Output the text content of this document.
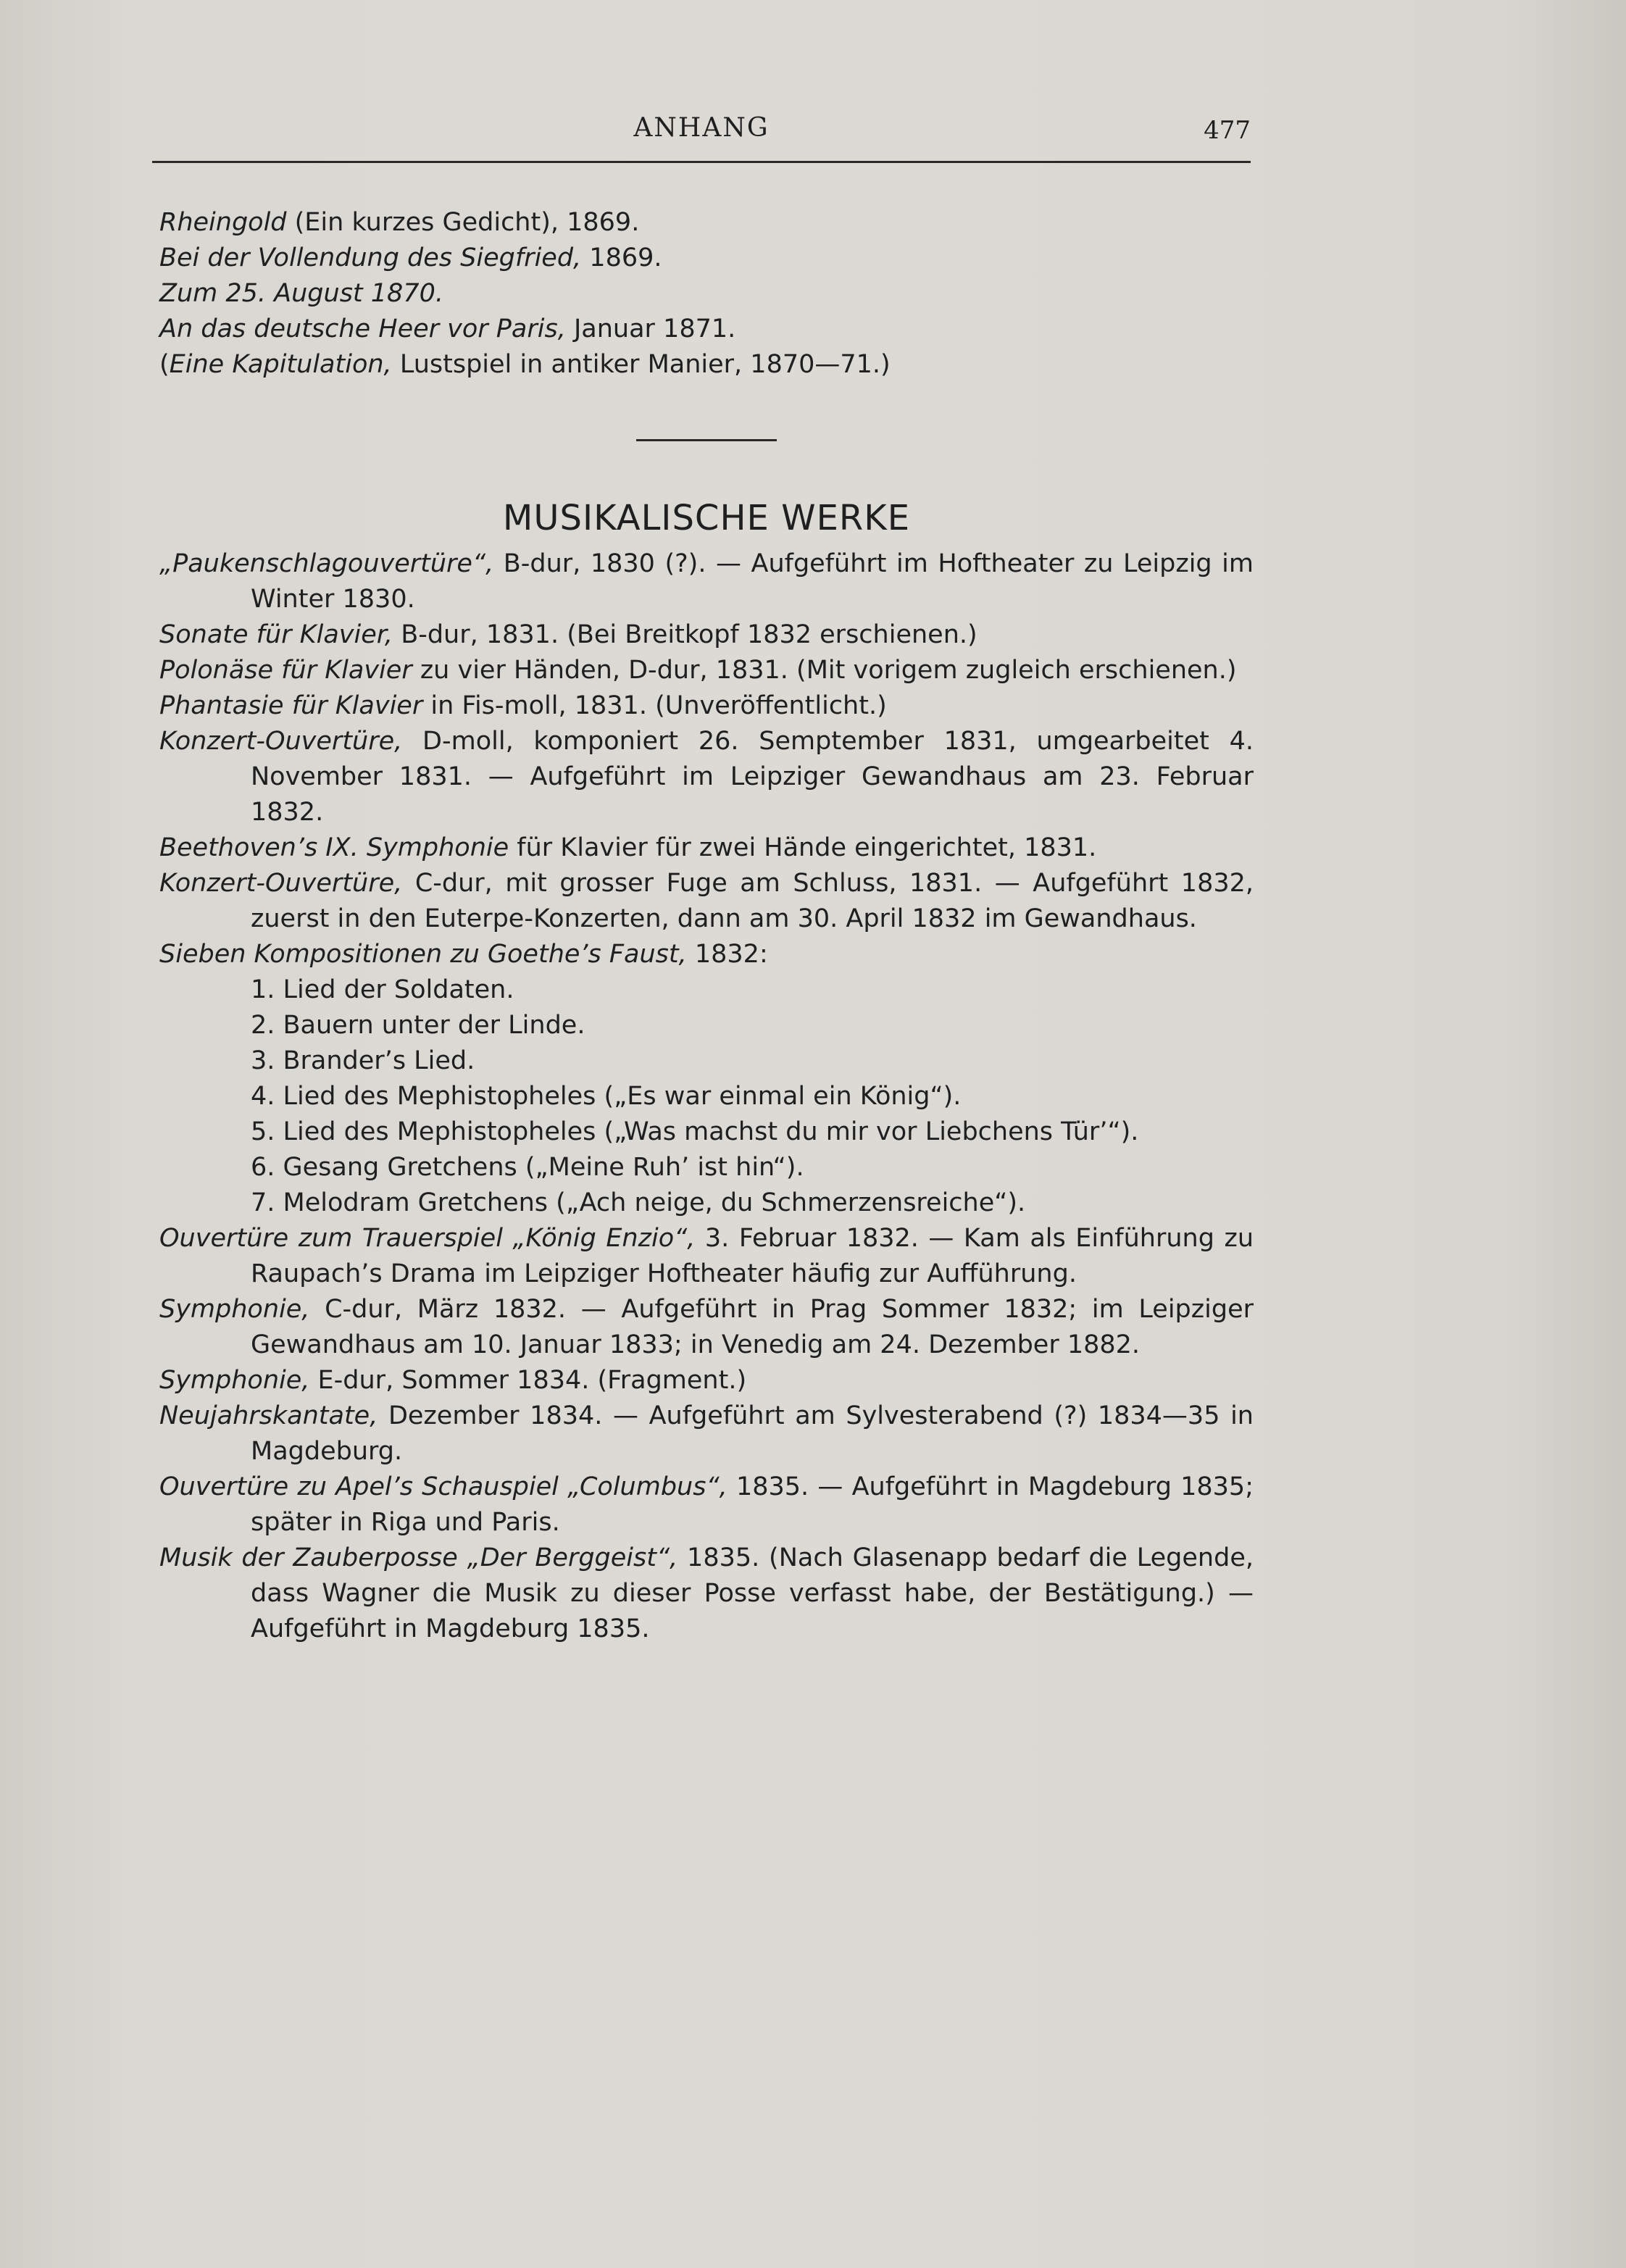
ANHANG	477

Rheingold (Ein kurzes Gedicht), 1869.

Bei der Vollendung des Siegfried, 1869.

Zum 25. August 1870.

An das deutsche Heer vor Paris, Januar 1871.

(Eine Kapitulation, Lustspiel in antiker Manier, 1870—71.)

MUSIKALISCHE WERKE

„Paukenschlagouvertüre“, B-dur, 1830 (?). — Aufgeführt im Hoftheater zu Leipzig im Winter 1830.

Sonate für Klavier, B-dur, 1831. (Bei Breitkopf 1832 erschienen.)

Polonäse für Klavier zu vier Händen, D-dur, 1831. (Mit vorigem zugleich erschienen.)

Phantasie für Klavier in Fis-moll, 1831. (Unveröffentlicht.)

Konzert-Ouvertüre, D-moll, komponiert 26. Semptember 1831, umgearbeitet 4. November 1831. — Aufgeführt im Leipziger Gewandhaus am 23. Februar 1832.

Beethoven’s IX. Symphonie für Klavier für zwei Hände eingerichtet, 1831.

Konzert-Ouvertüre, C-dur, mit grosser Fuge am Schluss, 1831. — Aufgeführt 1832, zuerst in den Euterpe-Konzerten, dann am 30. April 1832 im Gewandhaus.

Sieben Kompositionen zu Goethe’s Faust, 1832:

1. Lied der Soldaten.
2. Bauern unter der Linde.
3. Brander’s Lied.
4. Lied des Mephistopheles („Es war einmal ein König“).
5. Lied des Mephistopheles („Was machst du mir vor Liebchens Tür’“).
6. Gesang Gretchens („Meine Ruh’ ist hin“).
7. Melodram Gretchens („Ach neige, du Schmerzensreiche“).

Ouvertüre zum Trauerspiel „König Enzio“, 3. Februar 1832. — Kam als Einführung zu Raupach’s Drama im Leipziger Hoftheater häufig zur Aufführung.

Symphonie, C-dur, März 1832. — Aufgeführt in Prag Sommer 1832; im Leipziger Gewandhaus am 10. Januar 1833; in Venedig am 24. Dezember 1882.

Symphonie, E-dur, Sommer 1834. (Fragment.)

Neujahrskantate, Dezember 1834. — Aufgeführt am Sylvesterabend (?) 1834—35 in Magdeburg.

Ouvertüre zu Apel’s Schauspiel „Columbus“, 1835. — Aufgeführt in Magdeburg 1835; später in Riga und Paris.

Musik der Zauberposse „Der Berggeist“, 1835. (Nach Glasenapp bedarf die Legende, dass Wagner die Musik zu dieser Posse verfasst habe, der Bestätigung.) — Aufgeführt in Magdeburg 1835.
